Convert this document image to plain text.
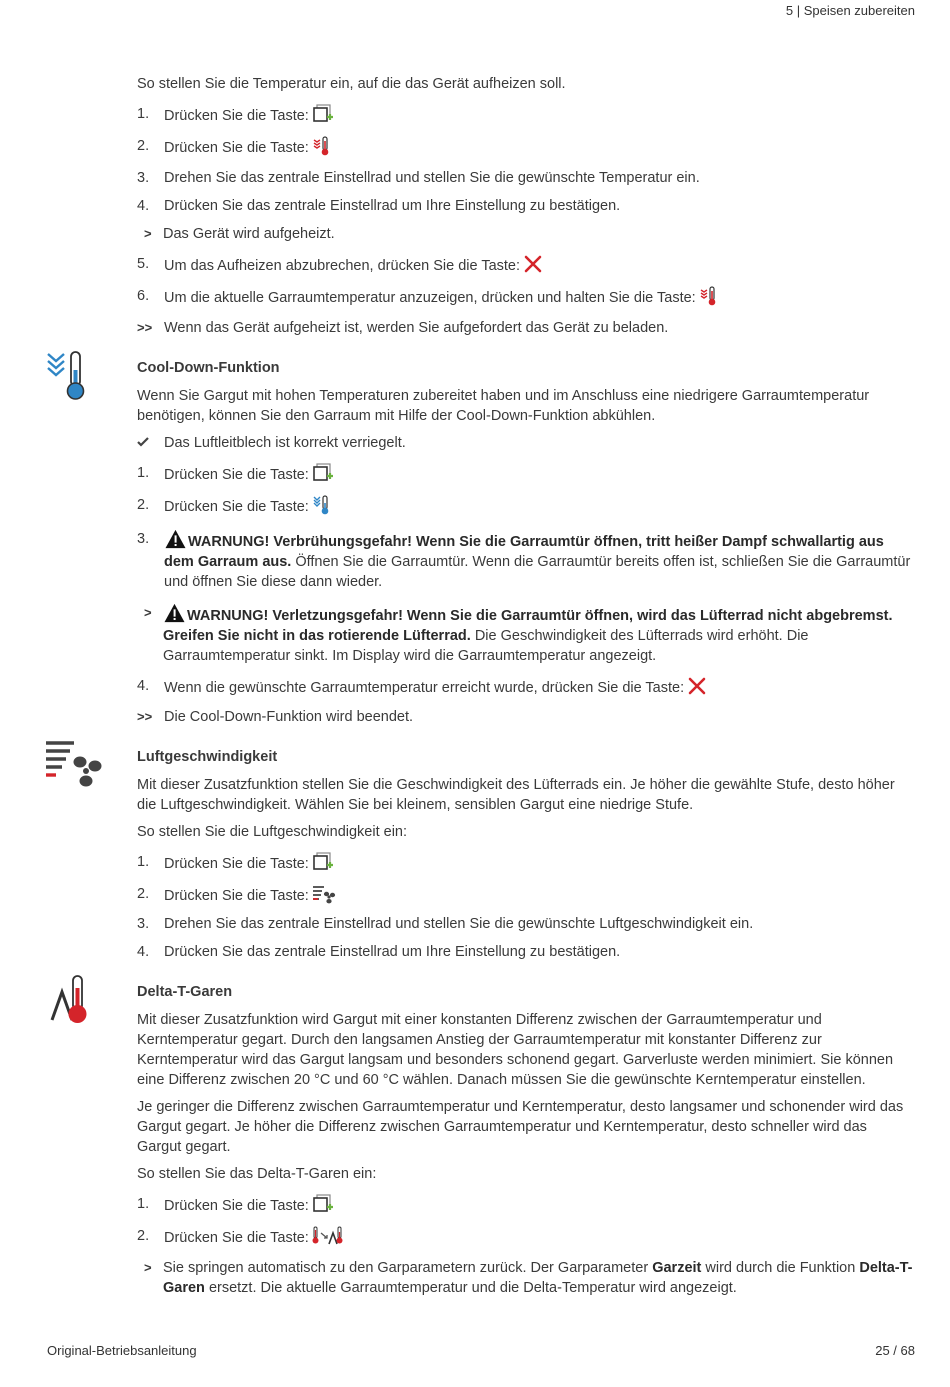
5 | Speisen zubereiten

So stellen Sie die Temperatur ein, auf die das Gerät aufheizen soll.

1.	Drücken Sie die Taste:
2.	Drücken Sie die Taste:
3.	Drehen Sie das zentrale Einstellrad und stellen Sie die gewünschte Temperatur ein.
4.	Drücken Sie das zentrale Einstellrad um Ihre Einstellung zu bestätigen.
> Das Gerät wird aufgeheizt.
5.	Um das Aufheizen abzubrechen, drücken Sie die Taste:
6.	Um die aktuelle Garraumtemperatur anzuzeigen, drücken und halten Sie die Taste:
>> Wenn das Gerät aufgeheizt ist, werden Sie aufgefordert das Gerät zu beladen.

Cool-Down-Funktion

Wenn Sie Gargut mit hohen Temperaturen zubereitet haben und im Anschluss eine niedrigere Garraumtemperatur benötigen, können Sie den Garraum mit Hilfe der Cool-Down-Funktion abkühlen.

Das Luftleitblech ist korrekt verriegelt.
1.	Drücken Sie die Taste:
2.	Drücken Sie die Taste:
3.	WARNUNG! Verbrühungsgefahr! Wenn Sie die Garraumtür öffnen, tritt heißer Dampf schwallartig aus dem Garraum aus. Öffnen Sie die Garraumtür. Wenn die Garraumtür bereits offen ist, schließen Sie die Garraumtür und öffnen Sie diese dann wieder.
>	WARNUNG! Verletzungsgefahr! Wenn Sie die Garraumtür öffnen, wird das Lüfterrad nicht abgebremst. Greifen Sie nicht in das rotierende Lüfterrad. Die Geschwindigkeit des Lüfterrads wird erhöht. Die Garraumtemperatur sinkt. Im Display wird die Garraumtemperatur angezeigt.
4.	Wenn die gewünschte Garraumtemperatur erreicht wurde, drücken Sie die Taste:
>> Die Cool-Down-Funktion wird beendet.

Luftgeschwindigkeit

Mit dieser Zusatzfunktion stellen Sie die Geschwindigkeit des Lüfterrads ein. Je höher die gewählte Stufe, desto höher die Luftgeschwindigkeit. Wählen Sie bei kleinem, sensiblen Gargut eine niedrige Stufe.

So stellen Sie die Luftgeschwindigkeit ein:

1.	Drücken Sie die Taste:
2.	Drücken Sie die Taste:
3.	Drehen Sie das zentrale Einstellrad und stellen Sie die gewünschte Luftgeschwindigkeit ein.
4.	Drücken Sie das zentrale Einstellrad um Ihre Einstellung zu bestätigen.

Delta-T-Garen

Mit dieser Zusatzfunktion wird Gargut mit einer konstanten Differenz zwischen der Garraumtemperatur und Kerntemperatur gegart. Durch den langsamen Anstieg der Garraumtemperatur mit konstanter Differenz zur Kerntemperatur wird das Gargut langsam und besonders schonend gegart. Garverluste werden minimiert. Sie können eine Differenz zwischen 20 °C und 60 °C wählen. Danach müssen Sie die gewünschte Kerntemperatur einstellen.

Je geringer die Differenz zwischen Garraumtemperatur und Kerntemperatur, desto langsamer und schonender wird das Gargut gegart. Je höher die Differenz zwischen Garraumtemperatur und Kerntemperatur, desto schneller wird das Gargut gegart.

So stellen Sie das Delta-T-Garen ein:

1.	Drücken Sie die Taste:
2.	Drücken Sie die Taste:
> Sie springen automatisch zu den Garparametern zurück. Der Garparameter Garzeit wird durch die Funktion Delta-T-Garen ersetzt. Die aktuelle Garraumtemperatur und die Delta-Temperatur wird angezeigt.
Original-Betriebsanleitung	25 / 68
